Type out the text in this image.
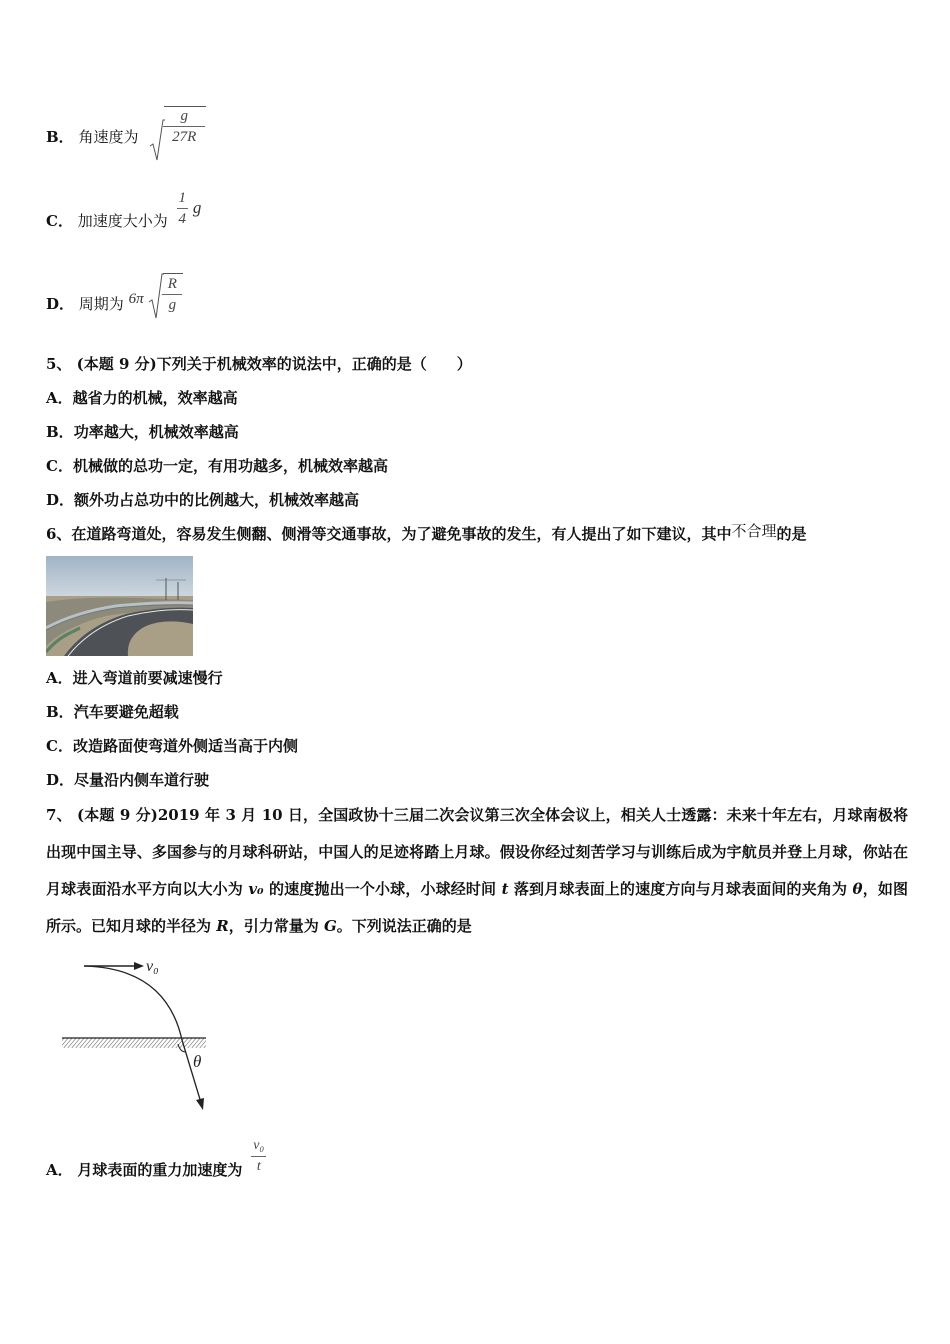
B． 角速度为 $\frac{g}{27R}$
C． 加速度大小为 $\frac{1}{4}$ g
D． 周期为 $6\pi \frac{R}{g}$
5、 (本题 9 分)下列关于机械效率的说法中，正确的是（　　）
A．越省力的机械，效率越高
B．功率越大，机械效率越高
C．机械做的总功一定，有用功越多，机械效率越高
D．额外功占总功中的比例越大，机械效率越高
6、在道路弯道处，容易发生侧翻、侧滑等交通事故，为了避免事故的发生，有人提出了如下建议，其中不合理的是
A．进入弯道前要减速慢行
B．汽车要避免超载
C．改造路面使弯道外侧适当高于内侧
D．尽量沿内侧车道行驶
7、 (本题 9 分)2019 年 3 月 10 日，全国政协十三届二次会议第三次全体会议上，相关人士透露：未来十年左右，月球南极将出现中国主导、多国参与的月球科研站，中国人的足迹将踏上月球。假设你经过刻苦学习与训练后成为宇航员并登上月球，你站在月球表面沿水平方向以大小为 v₀ 的速度抛出一个小球，小球经时间 t 落到月球表面上的速度方向与月球表面间的夹角为 θ，如图所示。已知月球的半径为 R，引力常量为 G。下列说法正确的是
v₀
θ
A． 月球表面的重力加速度为 $\frac{\text{v₀}}{t}$
